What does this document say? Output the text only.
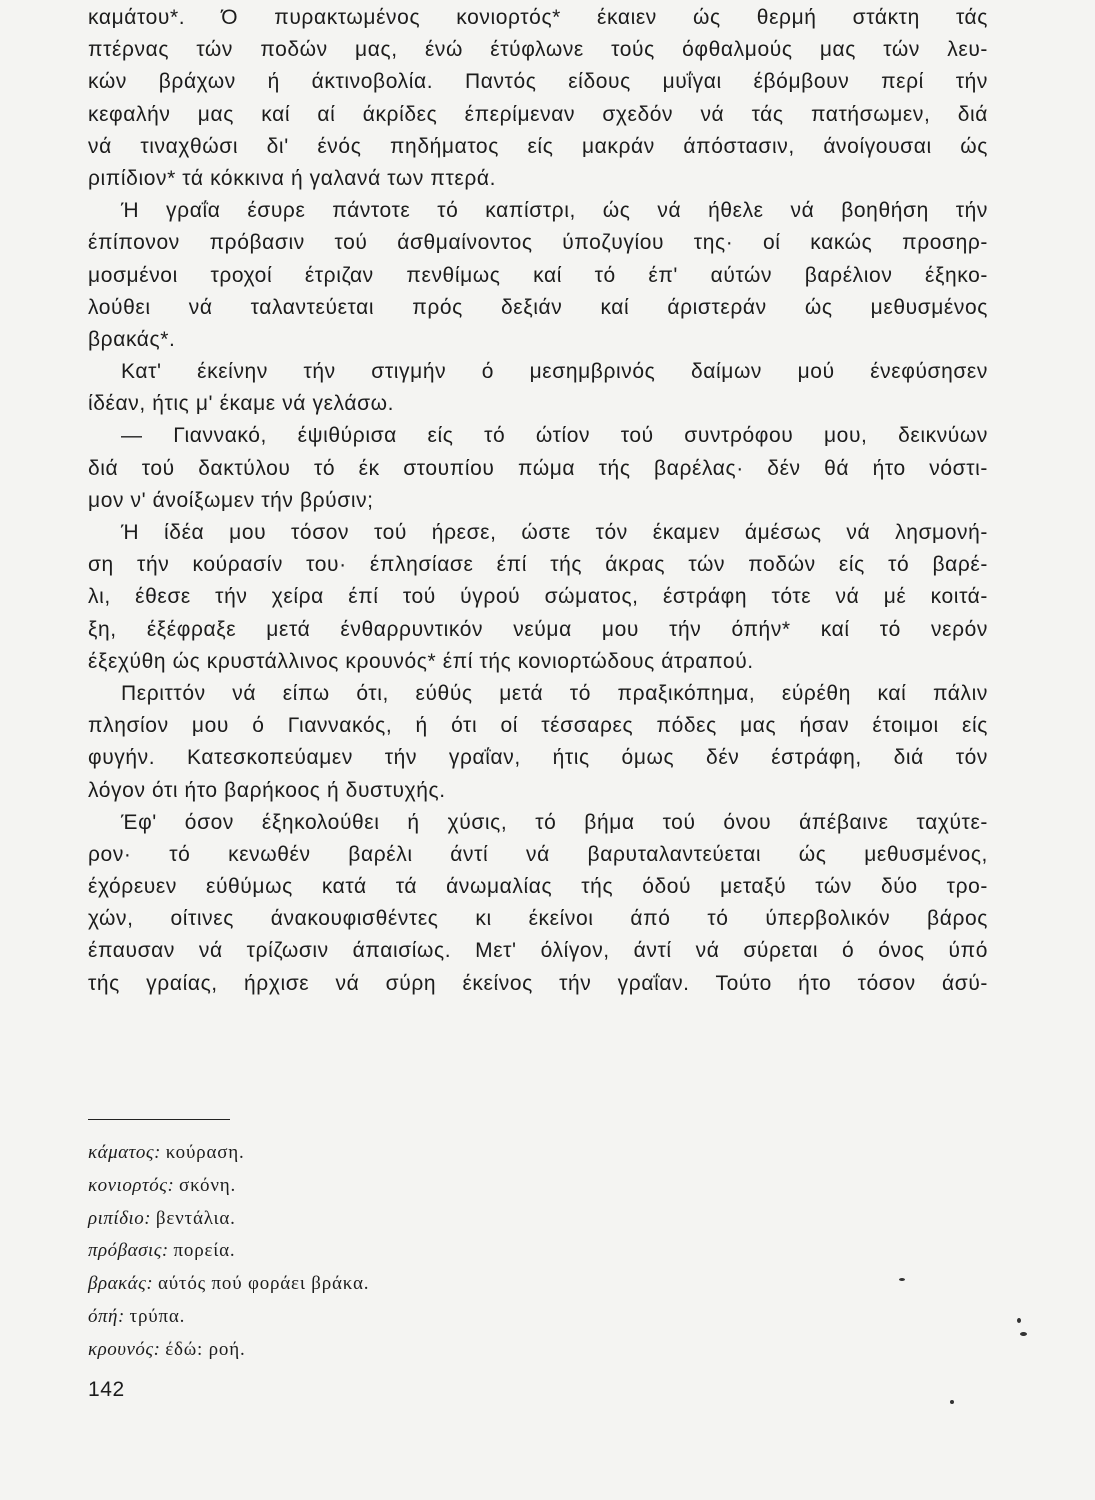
καμάτου*. Ό πυρακτωμένος κονιορτός* έκαιεν ώς θερμή στάκτη τάς
πτέρνας τών ποδών μας, ένώ έτύφλωνε τούς όφθαλμούς μας τών λευ-
κών βράχων ή άκτινοβολία. Παντός είδους μυΐγαι έβόμβουν περί τήν
κεφαλήν μας καί αί άκρίδες έπερίμεναν σχεδόν νά τάς πατήσωμεν, διά
νά τιναχθώσι δι' ένός πηδήματος είς μακράν άπόστασιν, άνοίγουσαι ώς
ριπίδιον* τά κόκκινα ή γαλανά των πτερά.
Ή γραΐα έσυρε πάντοτε τό καπίστρι, ώς νά ήθελε νά βοηθήση τήν
έπίπονον πρόβασιν τού άσθμαίνοντος ύποζυγίου της· οί κακώς προσηρ-
μοσμένοι τροχοί έτριζαν πενθίμως καί τό έπ' αύτών βαρέλιον έξηκο-
λούθει νά ταλαντεύεται πρός δεξιάν καί άριστεράν ώς μεθυσμένος
βρακάς*.
Κατ' έκείνην τήν στιγμήν ό μεσημβρινός δαίμων μού ένεφύσησεν
ίδέαν, ήτις μ' έκαμε νά γελάσω.
— Γιαννακό, έψιθύρισα είς τό ώτίον τού συντρόφου μου, δεικνύων
διά τού δακτύλου τό έκ στουπίου πώμα τής βαρέλας· δέν θά ήτο νόστι-
μον ν' άνοίξωμεν τήν βρύσιν;
Ή ίδέα μου τόσον τού ήρεσε, ώστε τόν έκαμεν άμέσως νά λησμονή-
ση τήν κούρασίν του· έπλησίασε έπί τής άκρας τών ποδών είς τό βαρέ-
λι, έθεσε τήν χείρα έπί τού ύγρού σώματος, έστράφη τότε νά μέ κοιτά-
ξη, έξέφραξε μετά ένθαρρυντικόν νεύμα μου τήν όπήν* καί τό νερόν
έξεχύθη ώς κρυστάλλινος κρουνός* έπί τής κονιορτώδους άτραπού.
Περιττόν νά είπω ότι, εύθύς μετά τό πραξικόπημα, εύρέθη καί πάλιν
πλησίον μου ό Γιαννακός, ή ότι οί τέσσαρες πόδες μας ήσαν έτοιμοι είς
φυγήν. Κατεσκοπεύαμεν τήν γραΐαν, ήτις όμως δέν έστράφη, διά τόν
λόγον ότι ήτο βαρήκοος ή δυστυχής.
Έφ' όσον έξηκολούθει ή χύσις, τό βήμα τού όνου άπέβαινε ταχύτε-
ρον· τό κενωθέν βαρέλι άντί νά βαρυταλαντεύεται ώς μεθυσμένος,
έχόρευεν εύθύμως κατά τά άνωμαλίας τής όδού μεταξύ τών δύο τρο-
χών, οίτινες άνακουφισθέντες κι έκείνοι άπό τό ύπερβολικόν βάρος
έπαυσαν νά τρίζωσιν άπαισίως. Μετ' όλίγον, άντί νά σύρεται ό όνος ύπό
τής γραίας, ήρχισε νά σύρη έκείνος τήν γραΐαν. Τούτο ήτο τόσον άσύ-
κάματος: κούραση.
κονιορτός: σκόνη.
ριπίδιο: βεντάλια.
πρόβασις: πορεία.
βρακάς: αύτός πού φοράει βράκα.
όπή: τρύπα.
κρουνός: έδώ: ροή.
142
